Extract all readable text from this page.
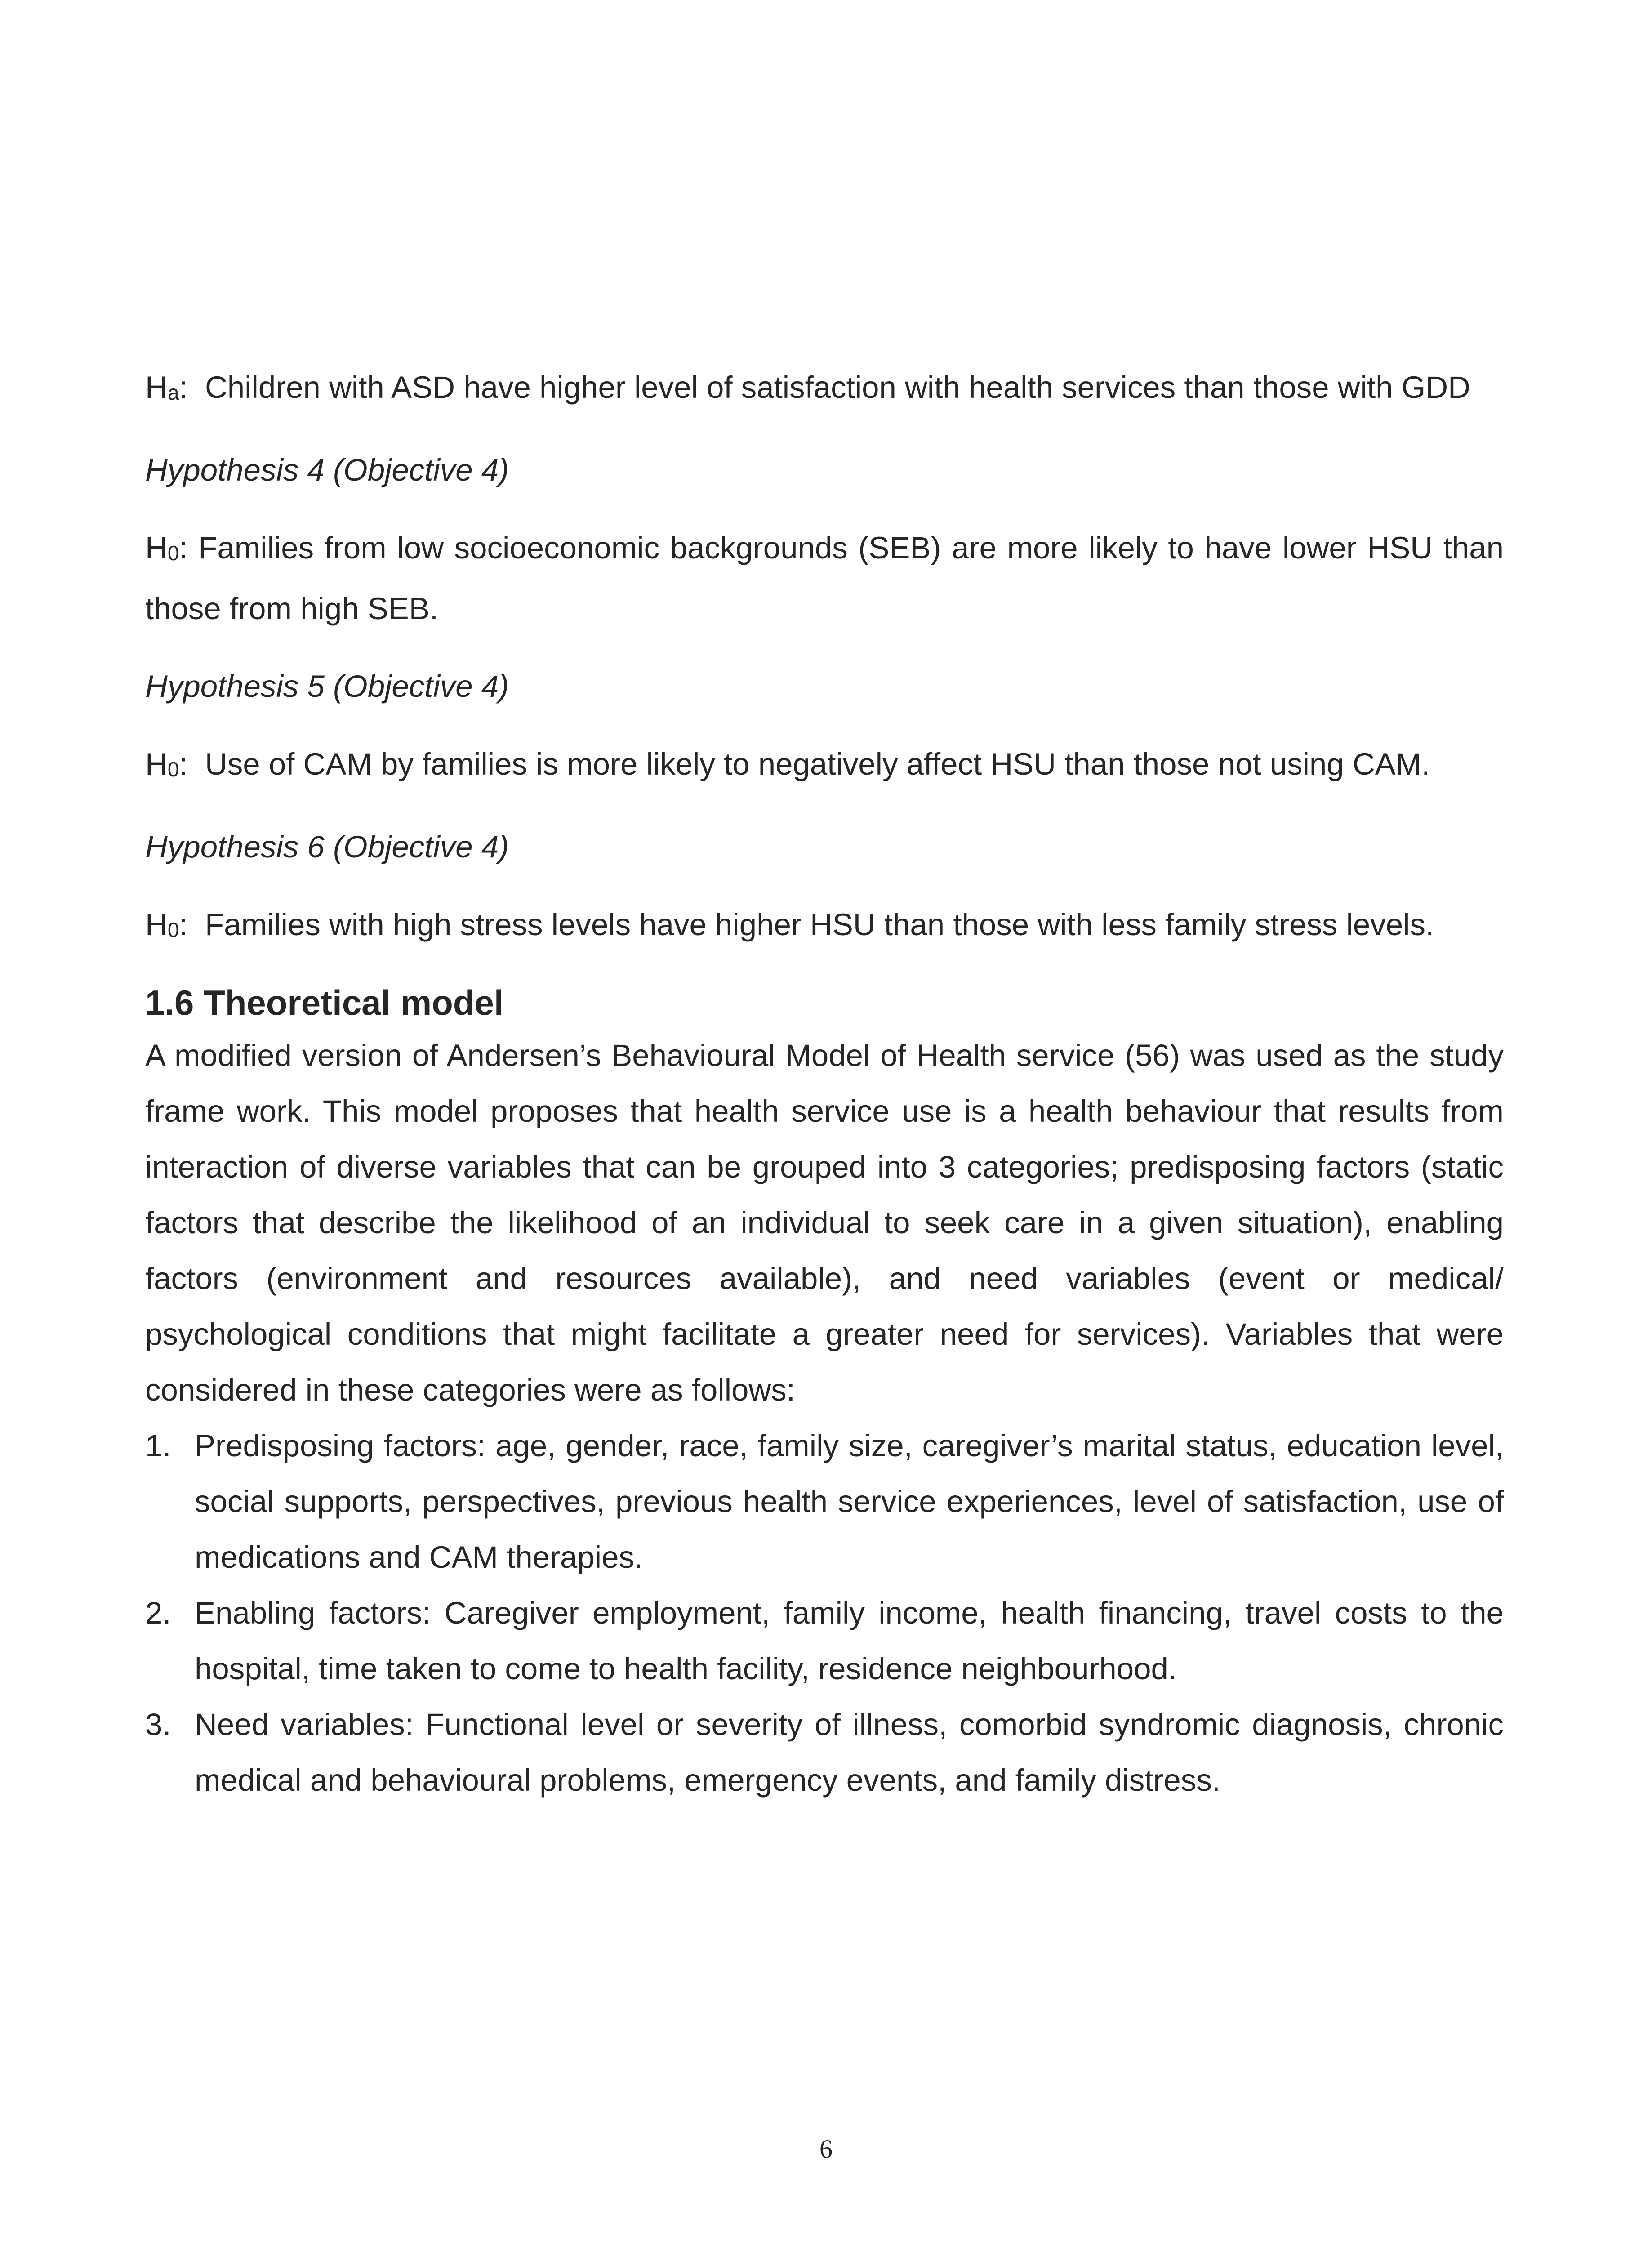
Ha: Children with ASD have higher level of satisfaction with health services than those with GDD

Hypothesis 4 (Objective 4)

H0: Families from low socioeconomic backgrounds (SEB) are more likely to have lower HSU than those from high SEB.

Hypothesis 5 (Objective 4)

H0: Use of CAM by families is more likely to negatively affect HSU than those not using CAM.

Hypothesis 6 (Objective 4)

H0: Families with high stress levels have higher HSU than those with less family stress levels.

1.6 Theoretical model

A modified version of Andersen’s Behavioural Model of Health service (56) was used as the study frame work. This model proposes that health service use is a health behaviour that results from interaction of diverse variables that can be grouped into 3 categories; predisposing factors (static factors that describe the likelihood of an individual to seek care in a given situation), enabling factors (environment and resources available), and need variables (event or medical/ psychological conditions that might facilitate a greater need for services). Variables that were considered in these categories were as follows:

1. Predisposing factors: age, gender, race, family size, caregiver’s marital status, education level, social supports, perspectives, previous health service experiences, level of satisfaction, use of medications and CAM therapies.
2. Enabling factors: Caregiver employment, family income, health financing, travel costs to the hospital, time taken to come to health facility, residence neighbourhood.
3. Need variables: Functional level or severity of illness, comorbid syndromic diagnosis, chronic medical and behavioural problems, emergency events, and family distress.
6
